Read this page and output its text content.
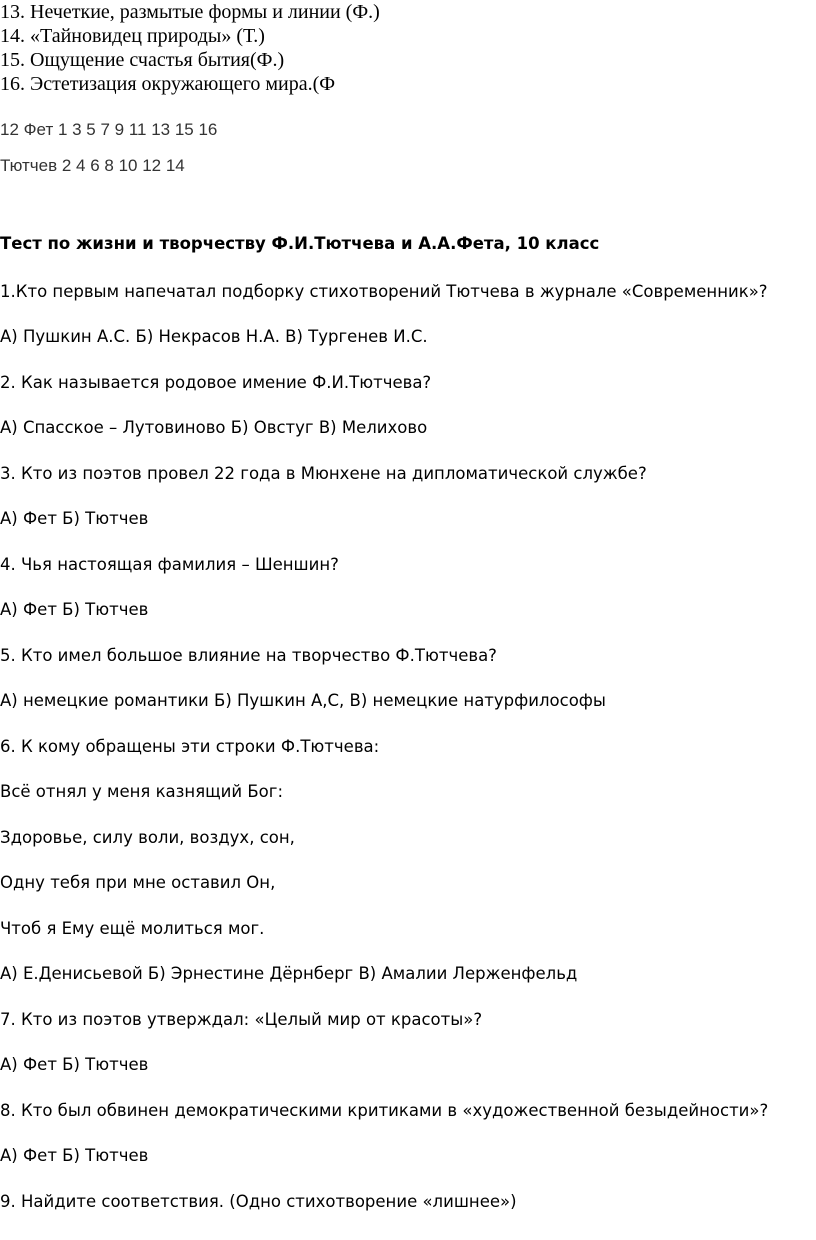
13. Нечеткие, размытые формы и линии (Ф.)
14. «Тайновидец природы» (Т.)
15. Ощущение счастья бытия(Ф.)
16. Эстетизация окружающего мира.(Ф
12 Фет 1 3 5 7 9 11 13 15 16
Тютчев 2 4 6 8 10 12 14
Тест по жизни и творчеству Ф.И.Тютчева и А.А.Фета, 10 класс
1.Кто первым напечатал подборку стихотворений Тютчева в журнале «Современник»?
А) Пушкин А.С. Б) Некрасов Н.А. В) Тургенев И.С.
2. Как называется родовое имение Ф.И.Тютчева?
А) Спасское – Лутовиново Б) Овстуг В) Мелихово
3. Кто из поэтов провел 22 года в Мюнхене на дипломатической службе?
А) Фет Б) Тютчев
4. Чья настоящая фамилия – Шеншин?
А) Фет Б) Тютчев
5. Кто имел большое влияние на творчество Ф.Тютчева?
А) немецкие романтики Б) Пушкин А,С, В) немецкие натурфилософы
6. К кому обращены эти строки Ф.Тютчева:
Всё отнял у меня казнящий Бог:
Здоровье, силу воли, воздух, сон,
Одну тебя при мне оставил Он,
Чтоб я Ему ещё молиться мог.
А) Е.Денисьевой Б) Эрнестине Дёрнберг В) Амалии Лерженфельд
7. Кто из поэтов утверждал: «Целый мир от красоты»?
А) Фет Б) Тютчев
8. Кто был обвинен демократическими критиками в «художественной безыдейности»?
А) Фет Б) Тютчев
9. Найдите соответствия. (Одно стихотворение «лишнее»)
